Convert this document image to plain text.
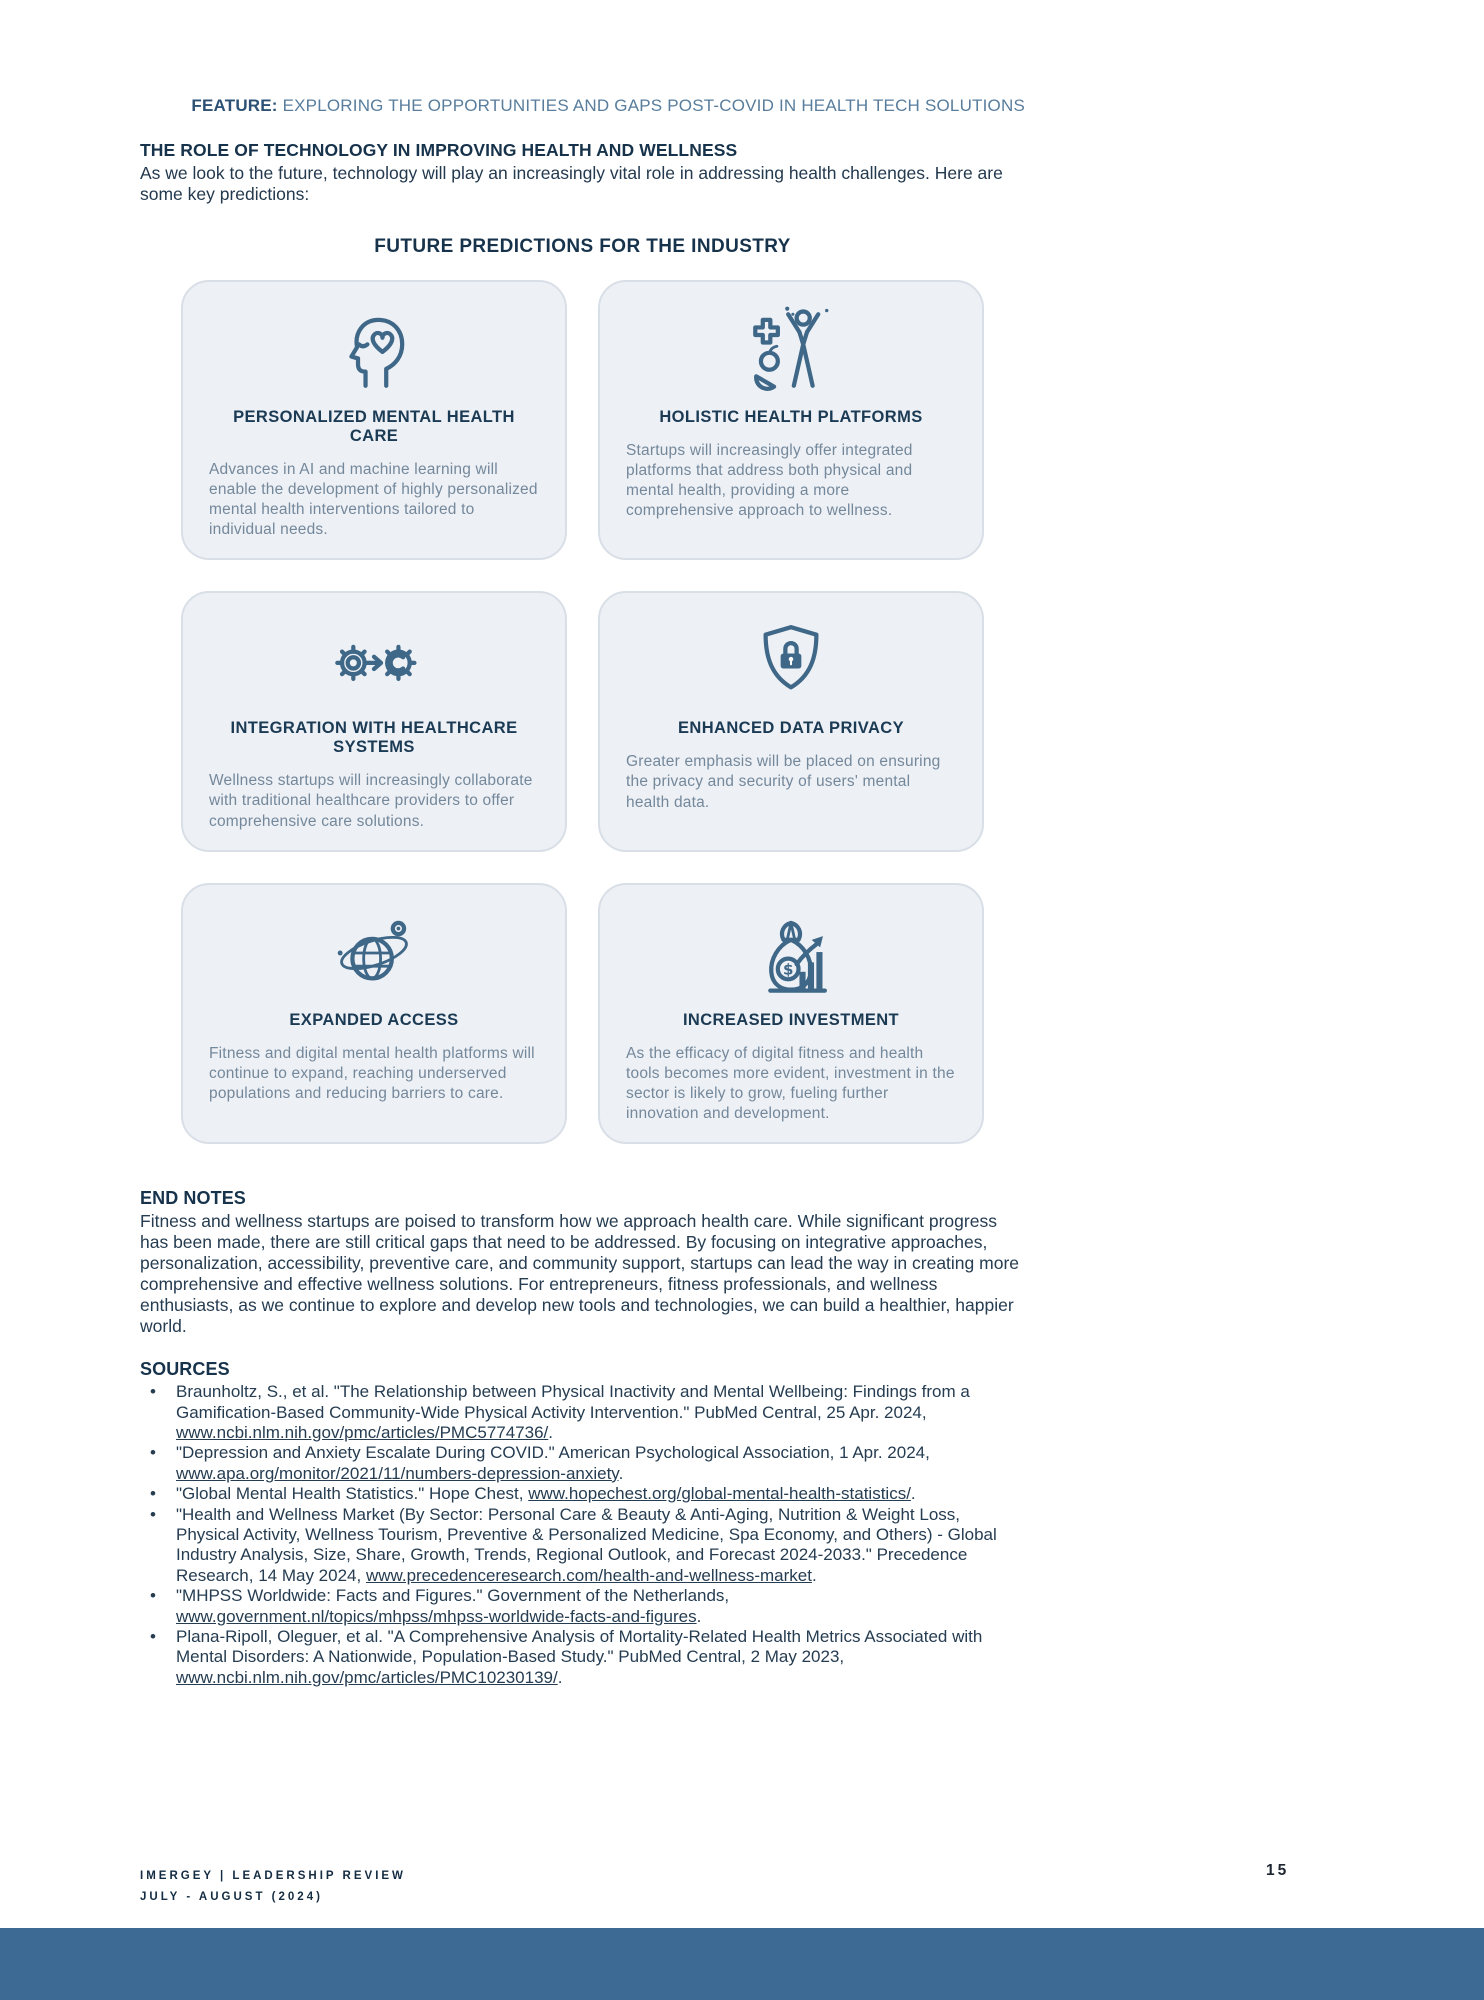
FEATURE: EXPLORING THE OPPORTUNITIES AND GAPS POST-COVID IN HEALTH TECH SOLUTIONS
THE ROLE OF TECHNOLOGY IN IMPROVING HEALTH AND WELLNESS

As we look to the future, technology will play an increasingly vital role in addressing health challenges. Here are some key predictions:

FUTURE PREDICTIONS FOR THE INDUSTRY
PERSONALIZED MENTAL HEALTH CARE

Advances in AI and machine learning will enable the development of highly personalized mental health interventions tailored to individual needs.

HOLISTIC HEALTH PLATFORMS

Startups will increasingly offer integrated platforms that address both physical and mental health, providing a more comprehensive approach to wellness.

INTEGRATION WITH HEALTHCARE SYSTEMS

Wellness startups will increasingly collaborate with traditional healthcare providers to offer comprehensive care solutions.

ENHANCED DATA PRIVACY

Greater emphasis will be placed on ensuring the privacy and security of users' mental health data.

EXPANDED ACCESS

Fitness and digital mental health platforms will continue to expand, reaching underserved populations and reducing barriers to care.

$
INCREASED INVESTMENT

As the efficacy of digital fitness and health tools becomes more evident, investment in the sector is likely to grow, fueling further innovation and development.

END NOTES

Fitness and wellness startups are poised to transform how we approach health care. While significant progress has been made, there are still critical gaps that need to be addressed. By focusing on integrative approaches, personalization, accessibility, preventive care, and community support, startups can lead the way in creating more comprehensive and effective wellness solutions. For entrepreneurs, fitness professionals, and wellness enthusiasts, as we continue to explore and develop new tools and technologies, we can build a healthier, happier world.

SOURCES
• Braunholtz, S., et al. "The Relationship between Physical Inactivity and Mental Wellbeing: Findings from a Gamification-Based Community-Wide Physical Activity Intervention." PubMed Central, 25 Apr. 2024, www.ncbi.nlm.nih.gov/pmc/articles/PMC5774736/.
• "Depression and Anxiety Escalate During COVID." American Psychological Association, 1 Apr. 2024, www.apa.org/monitor/2021/11/numbers-depression-anxiety.
• "Global Mental Health Statistics." Hope Chest, www.hopechest.org/global-mental-health-statistics/.
• "Health and Wellness Market (By Sector: Personal Care & Beauty & Anti-Aging, Nutrition & Weight Loss, Physical Activity, Wellness Tourism, Preventive & Personalized Medicine, Spa Economy, and Others) - Global Industry Analysis, Size, Share, Growth, Trends, Regional Outlook, and Forecast 2024-2033." Precedence Research, 14 May 2024, www.precedenceresearch.com/health-and-wellness-market.
• "MHPSS Worldwide: Facts and Figures." Government of the Netherlands, www.government.nl/topics/mhpss/mhpss-worldwide-facts-and-figures.
• Plana-Ripoll, Oleguer, et al. "A Comprehensive Analysis of Mortality-Related Health Metrics Associated with Mental Disorders: A Nationwide, Population-Based Study." PubMed Central, 2 May 2023, www.ncbi.nlm.nih.gov/pmc/articles/PMC10230139/.
IMERGEY | LEADERSHIP REVIEW
JULY - AUGUST (2024)
15
